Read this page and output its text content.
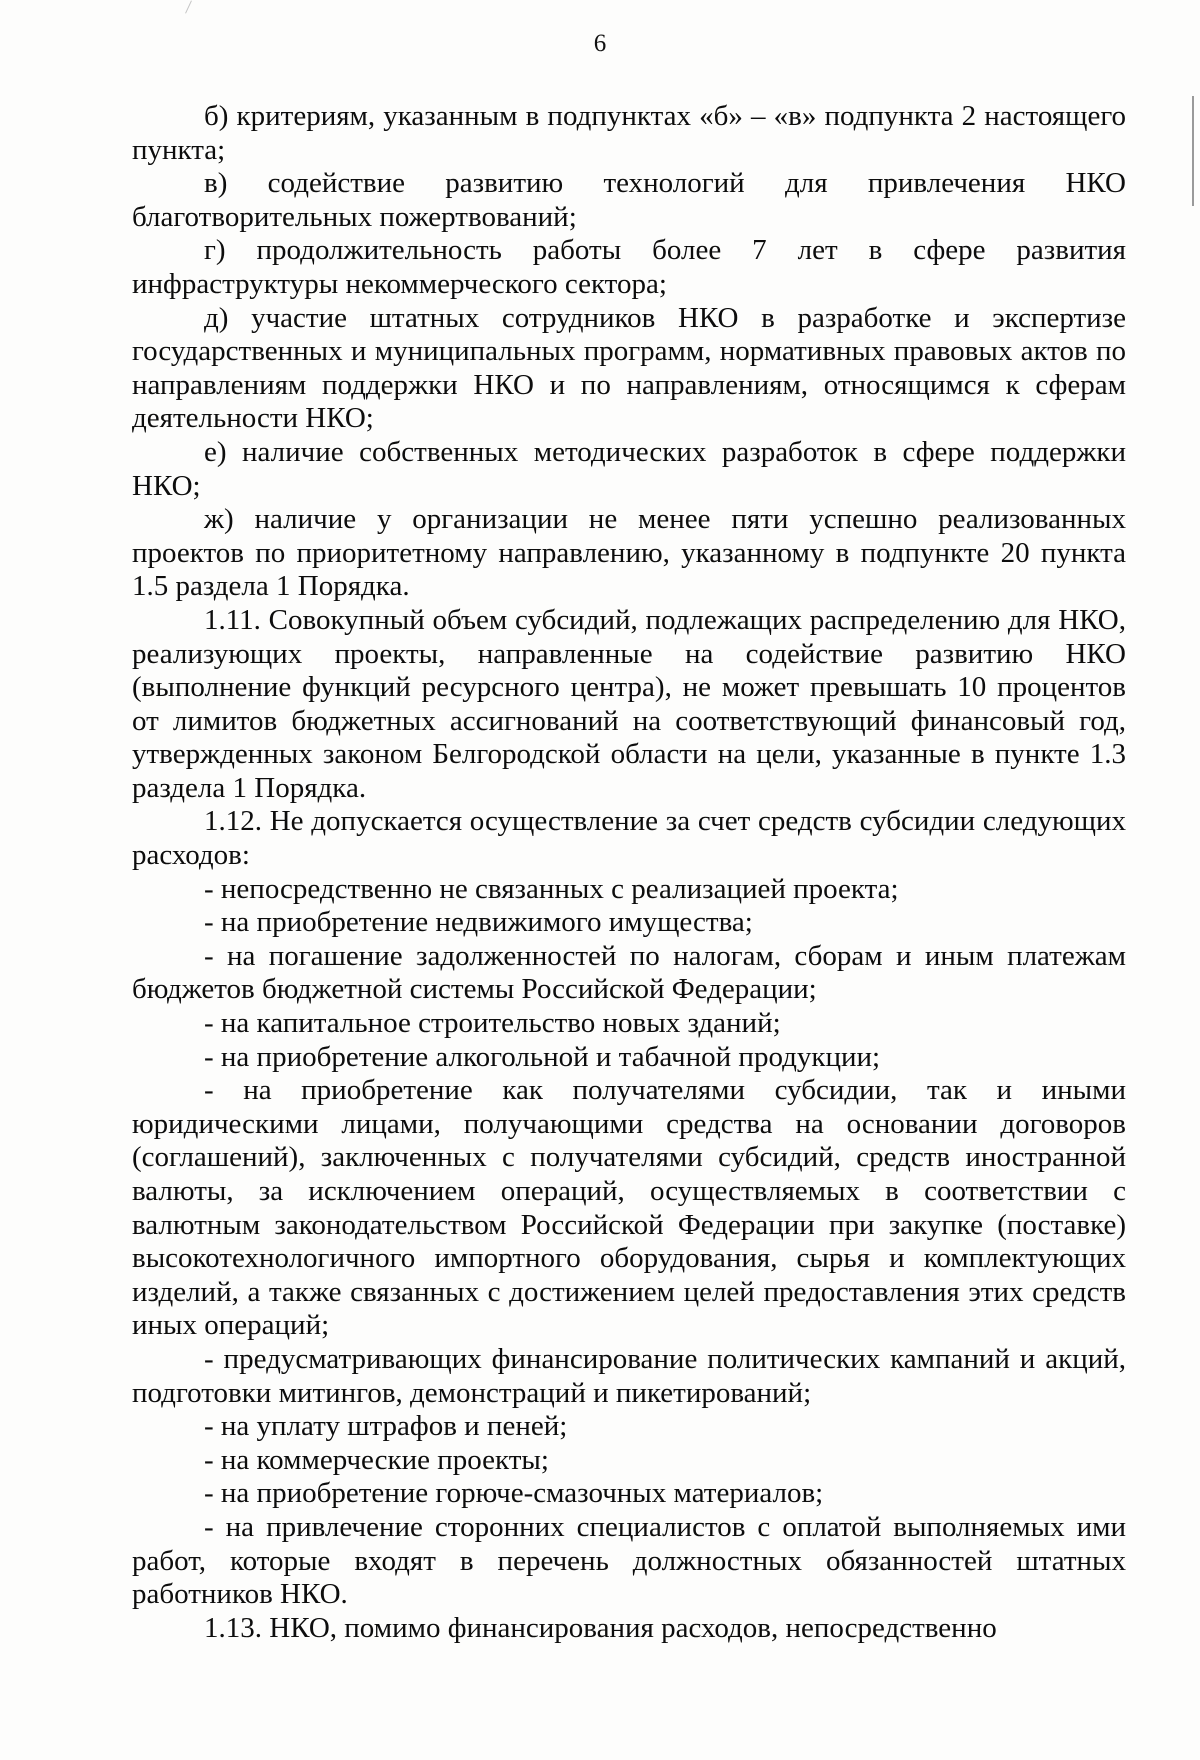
6

б) критериям, указанным в подпунктах «б» – «в» подпункта 2 настоящего пункта;

в) содействие развитию технологий для привлечения НКО благотворительных пожертвований;

г) продолжительность работы более 7 лет в сфере развития инфраструктуры некоммерческого сектора;

д) участие штатных сотрудников НКО в разработке и экспертизе государственных и муниципальных программ, нормативных правовых актов по направлениям поддержки НКО и по направлениям, относящимся к сферам деятельности НКО;

е) наличие собственных методических разработок в сфере поддержки НКО;

ж) наличие у организации не менее пяти успешно реализованных проектов по приоритетному направлению, указанному в подпункте 20 пункта 1.5 раздела 1 Порядка.

1.11. Совокупный объем субсидий, подлежащих распределению для НКО, реализующих проекты, направленные на содействие развитию НКО (выполнение функций ресурсного центра), не может превышать 10 процентов от лимитов бюджетных ассигнований на соответствующий финансовый год, утвержденных законом Белгородской области на цели, указанные в пункте 1.3 раздела 1 Порядка.

1.12. Не допускается осуществление за счет средств субсидии следующих расходов:

- непосредственно не связанных с реализацией проекта;

- на приобретение недвижимого имущества;

- на погашение задолженностей по налогам, сборам и иным платежам бюджетов бюджетной системы Российской Федерации;

- на капитальное строительство новых зданий;

- на приобретение алкогольной и табачной продукции;

- на приобретение как получателями субсидии, так и иными юридическими лицами, получающими средства на основании договоров (соглашений), заключенных с получателями субсидий, средств иностранной валюты, за исключением операций, осуществляемых в соответствии с валютным законодательством Российской Федерации при закупке (поставке) высокотехнологичного импортного оборудования, сырья и комплектующих изделий, а также связанных с достижением целей предоставления этих средств иных операций;

- предусматривающих финансирование политических кампаний и акций, подготовки митингов, демонстраций и пикетирований;

- на уплату штрафов и пеней;

- на коммерческие проекты;

- на приобретение горюче-смазочных материалов;

- на привлечение сторонних специалистов с оплатой выполняемых ими работ, которые входят в перечень должностных обязанностей штатных работников НКО.

1.13. НКО, помимо финансирования расходов, непосредственно
